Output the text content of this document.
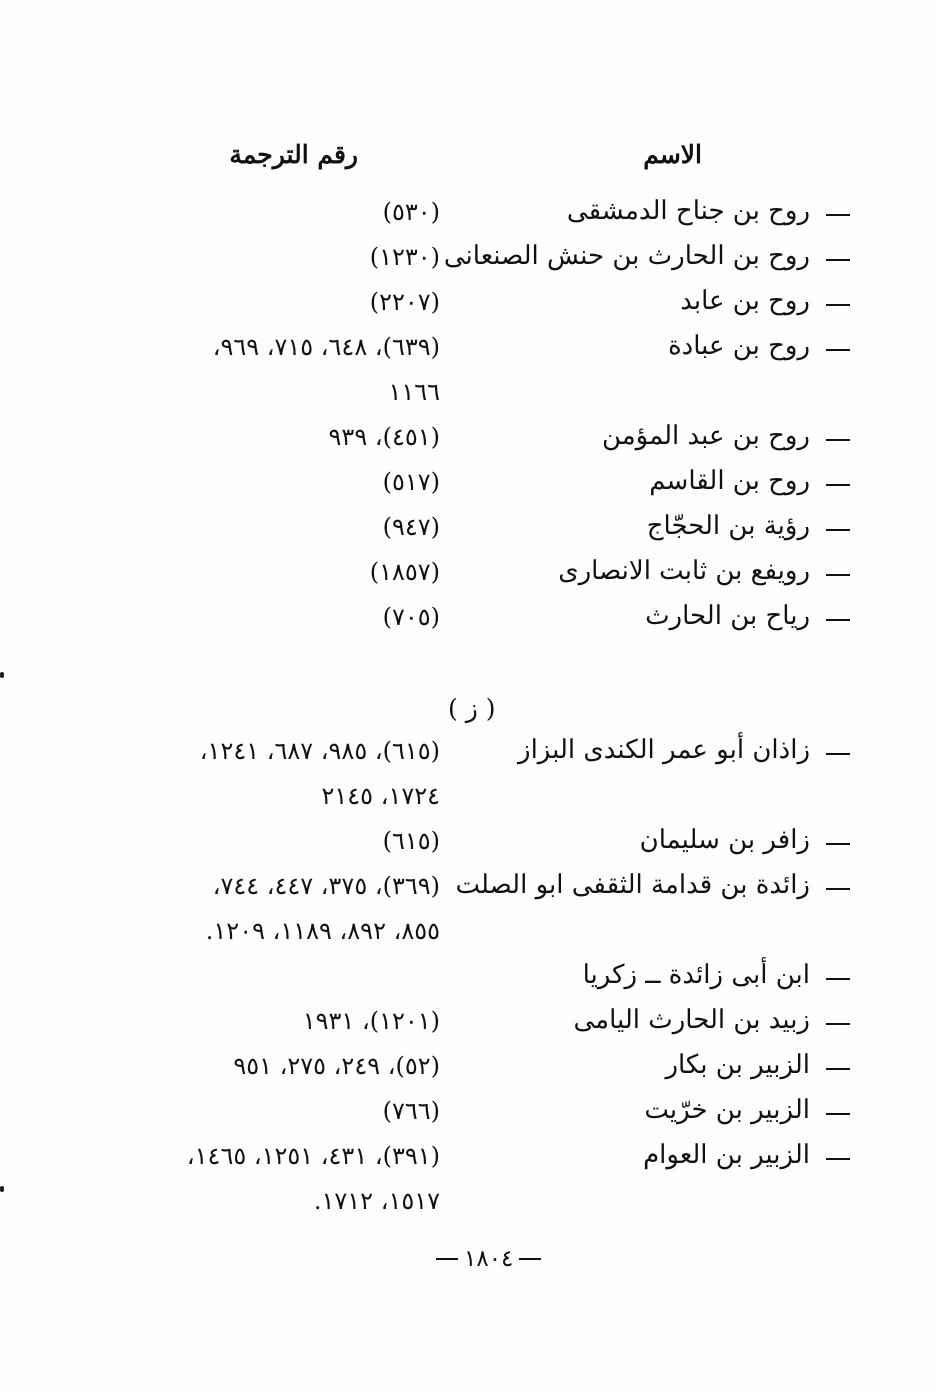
الاسم
رقم الترجمة
روح بن جناح الدمشقى
(٥٣٠)
روح بن الحارث بن حنش الصنعانى
(١٢٣٠)
روح بن عابد
(٢٢٠٧)
روح بن عبادة
(٦٣٩)، ٦٤٨، ٧١٥، ٩٦٩،
١١٦٦
روح بن عبد المؤمن
(٤٥١)، ٩٣٩
روح بن القاسم
(٥١٧)
رؤية بن الحجّاج
(٩٤٧)
رويفع بن ثابت الانصارى
(١٨٥٧)
رياح بن الحارث
(٧٠٥)
زاذان أبو عمر الكندى البزاز
(٦١٥)، ٩٨٥، ٦٨٧، ١٢٤١،
١٧٢٤، ٢١٤٥
زافر بن سليمان
(٦١٥)
زائدة بن قدامة الثقفى ابو الصلت
(٣٦٩)، ٣٧٥، ٤٤٧، ٧٤٤،
٨٥٥، ٨٩٢، ١١٨٩، ١٢٠٩.
ابن أبى زائدة ــ زكريا
زبيد بن الحارث اليامى
(١٢٠١)، ١٩٣١
الزبير بن بكار
(٥٢)، ٢٤٩، ٢٧٥، ٩٥١
الزبير بن خرّيت
(٧٦٦)
الزبير بن العوام
(٣٩١)، ٤٣١، ١٢٥١، ١٤٦٥،
١٥١٧، ١٧١٢.
( ز )
١٨٠٤
